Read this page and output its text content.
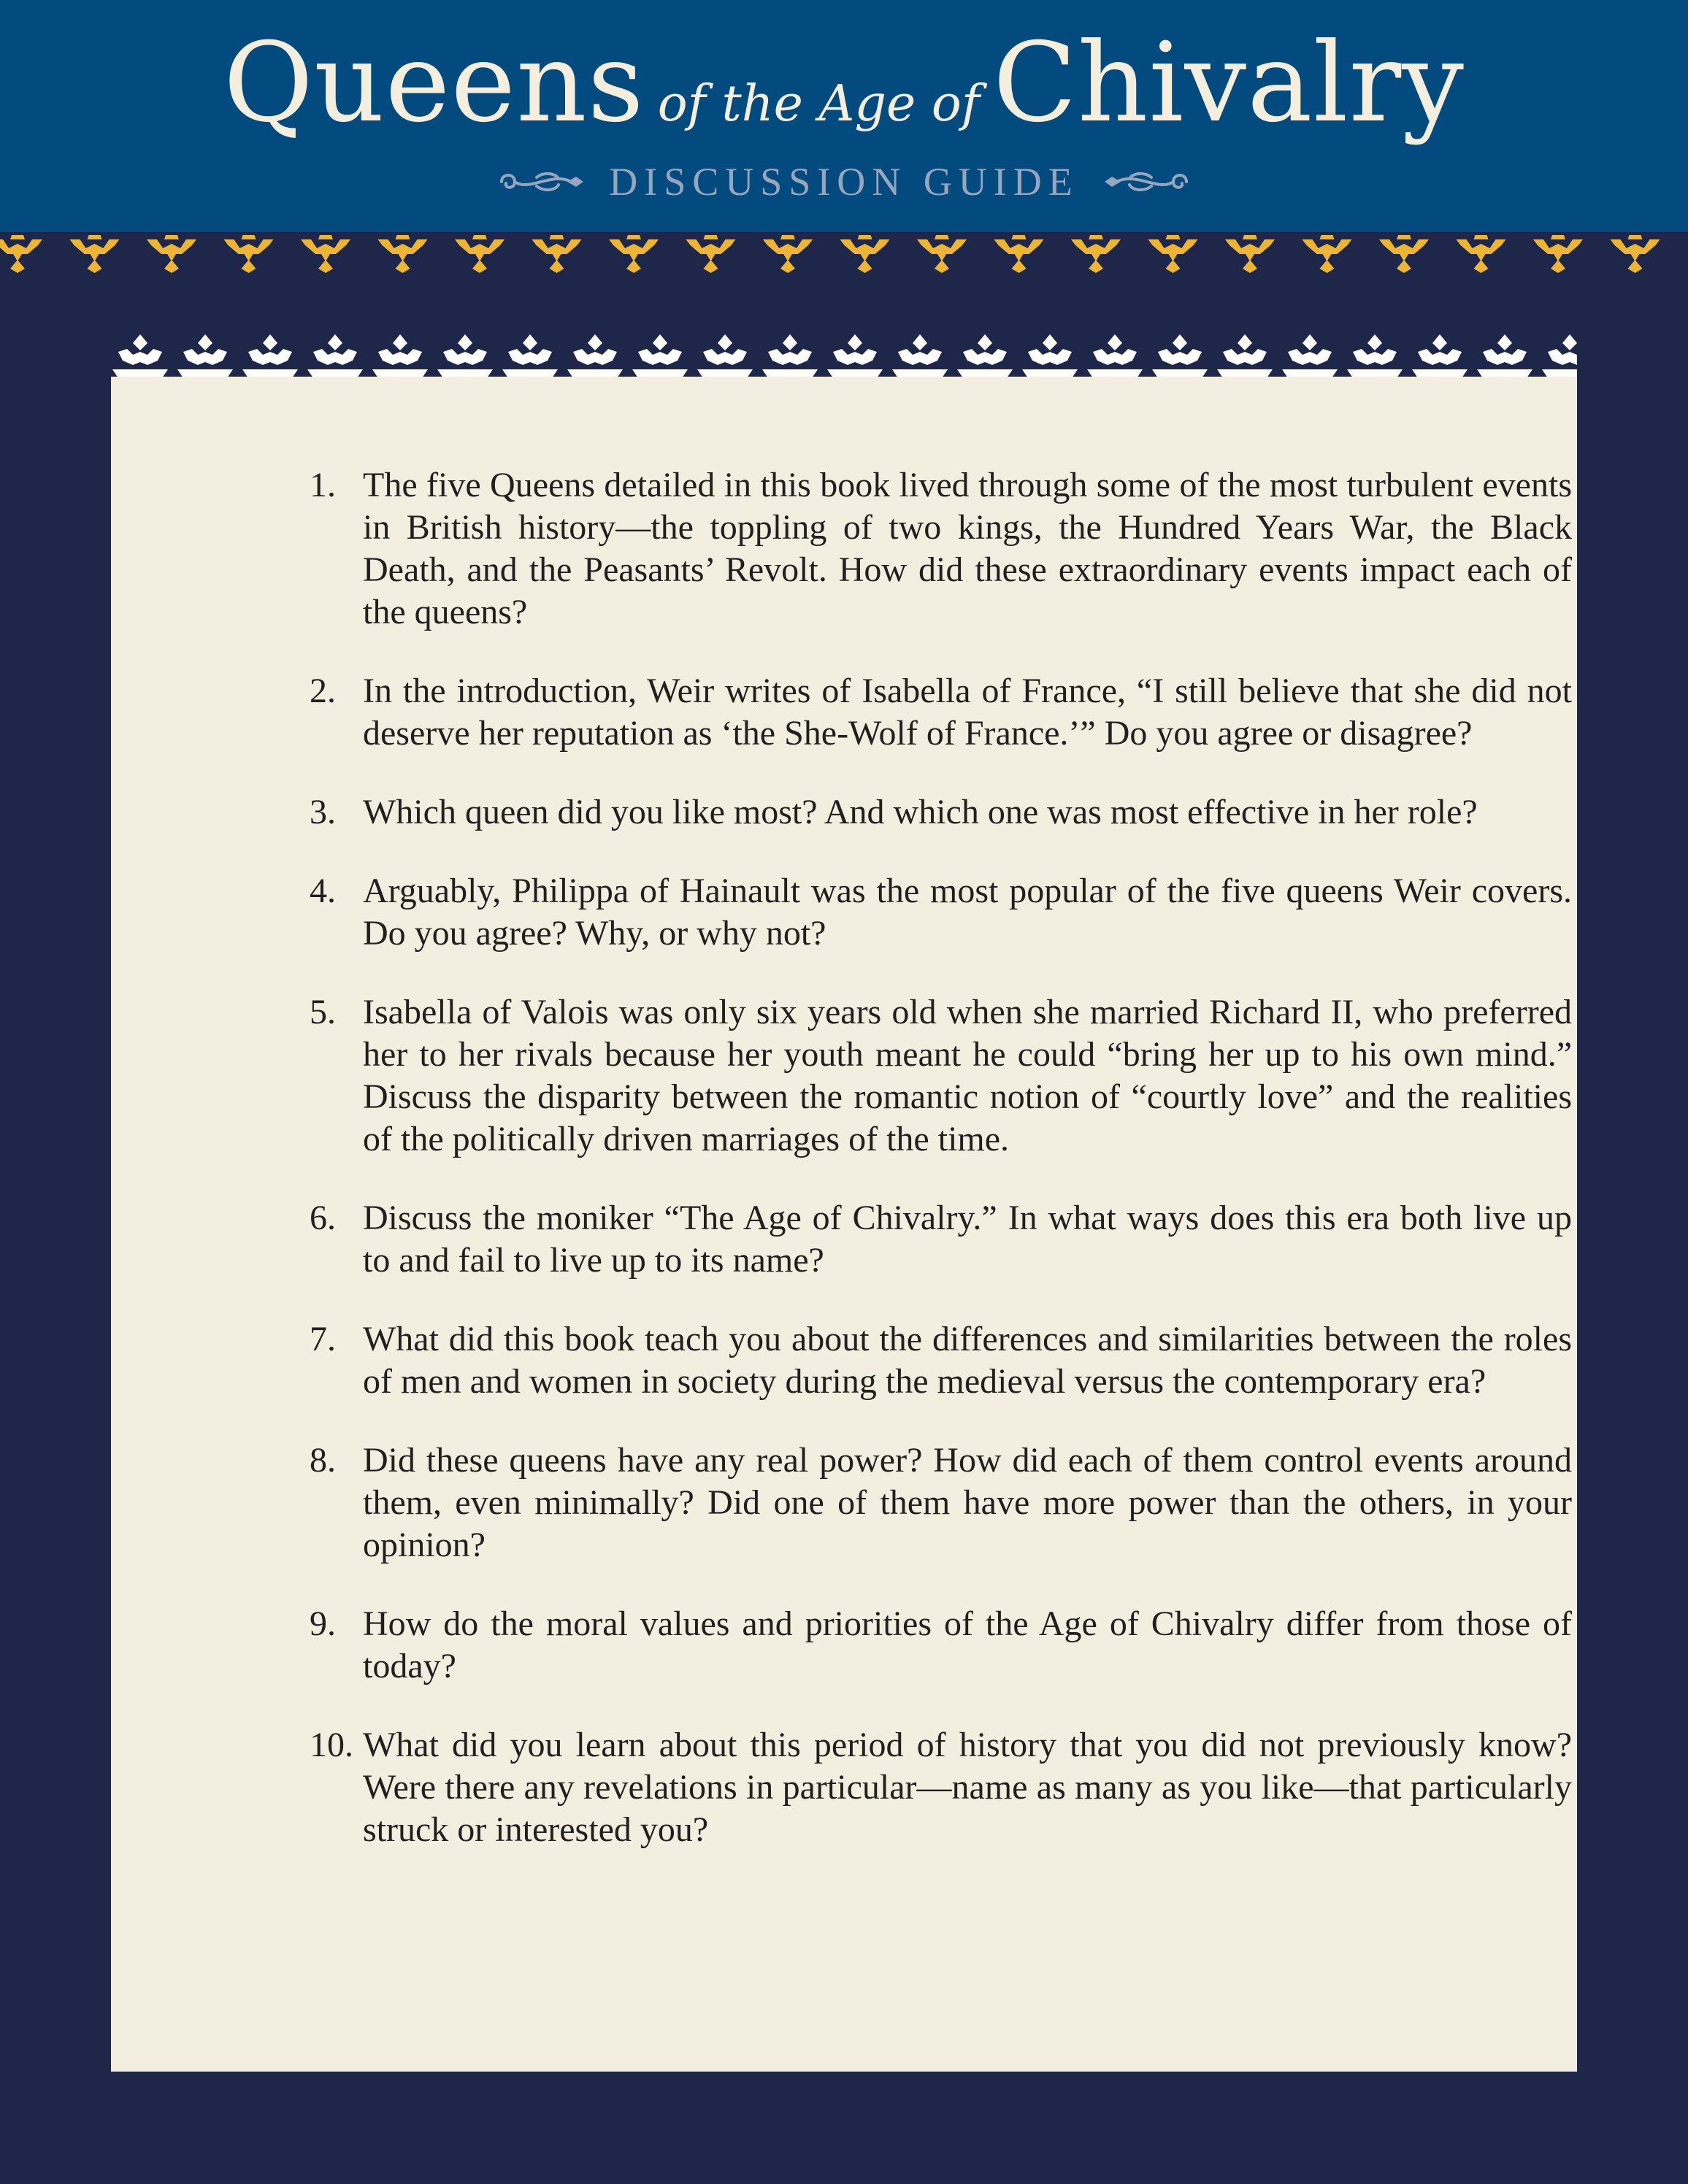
Queens of the Age of Chivalry
DISCUSSION GUIDE
1. The five Queens detailed in this book lived through some of the most turbulent events in British history—the toppling of two kings, the Hundred Years War, the Black Death, and the Peasants’ Revolt. How did these extraordinary events impact each of the queens?
2. In the introduction, Weir writes of Isabella of France, “I still believe that she did not deserve her reputation as ‘the She-Wolf of France.’” Do you agree or disagree?
3. Which queen did you like most? And which one was most effective in her role?
4. Arguably, Philippa of Hainault was the most popular of the five queens Weir covers. Do you agree? Why, or why not?
5. Isabella of Valois was only six years old when she married Richard II, who preferred her to her rivals because her youth meant he could “bring her up to his own mind.” Discuss the disparity between the romantic notion of “courtly love” and the realities of the politically driven marriages of the time.
6. Discuss the moniker “The Age of Chivalry.” In what ways does this era both live up to and fail to live up to its name?
7. What did this book teach you about the differences and similarities between the roles of men and women in society during the medieval versus the contemporary era?
8. Did these queens have any real power? How did each of them control events around them, even minimally? Did one of them have more power than the others, in your opinion?
9. How do the moral values and priorities of the Age of Chivalry differ from those of today?
10. What did you learn about this period of history that you did not previously know? Were there any revelations in particular—name as many as you like—that particularly struck or interested you?
